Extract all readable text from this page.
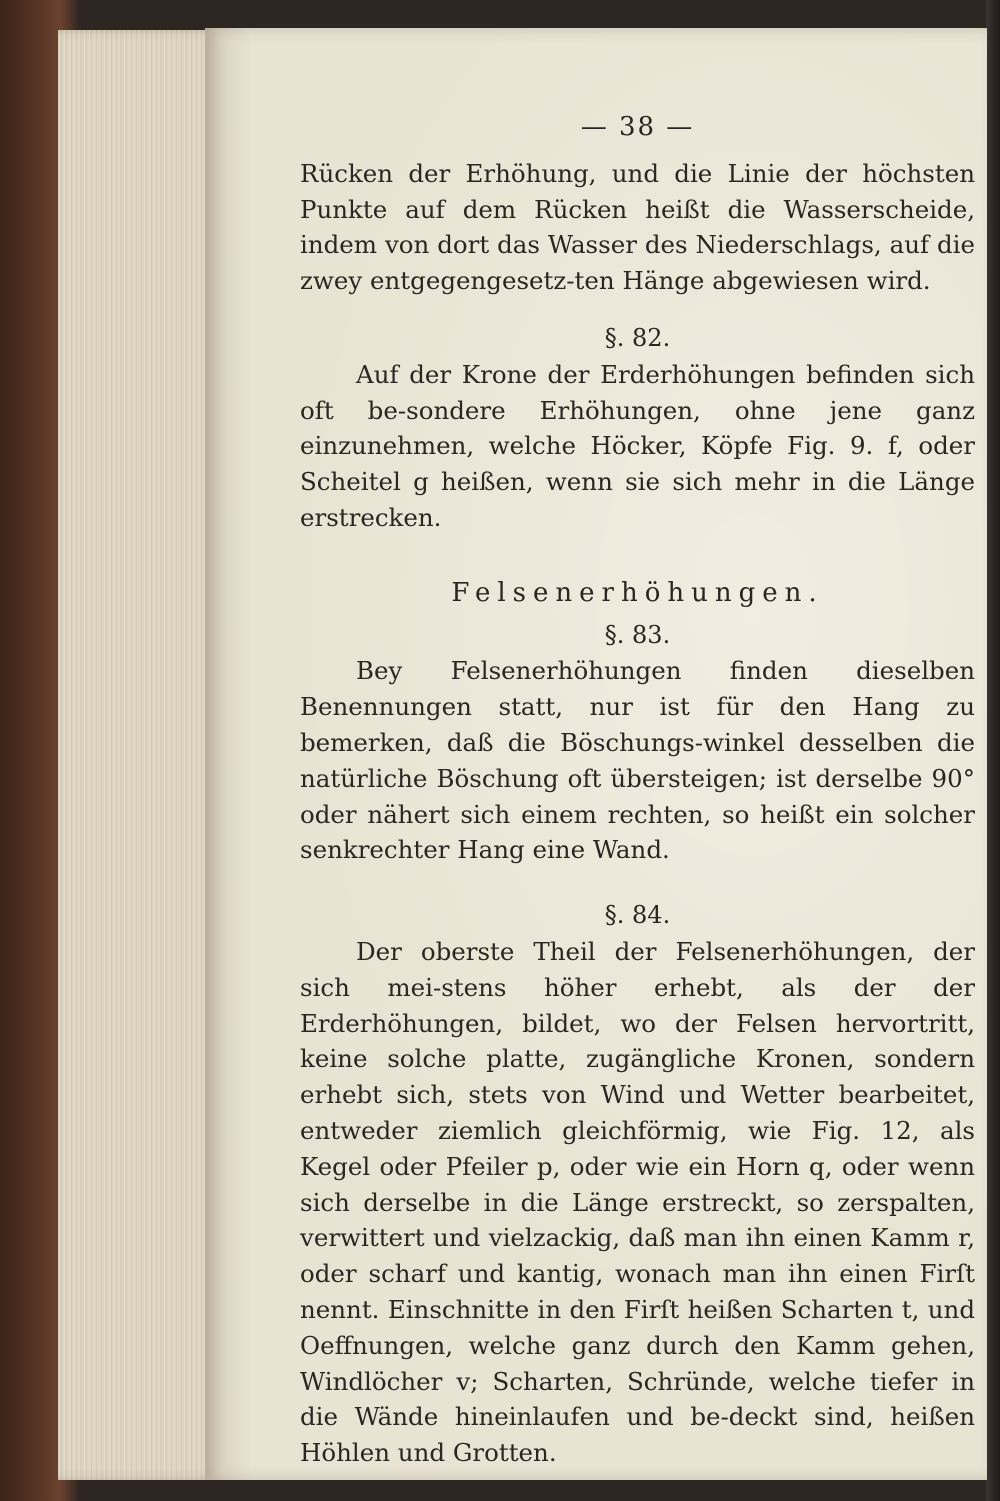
— 38 —

Rücken der Erhöhung, und die Linie der höchsten Punkte auf dem Rücken heißt die Wasserscheide, indem von dort das Wasser des Niederschlags, auf die zwey entgegengesetz-ten Hänge abgewiesen wird.

§. 82.

Auf der Krone der Erderhöhungen befinden sich oft be-sondere Erhöhungen, ohne jene ganz einzunehmen, welche Höcker, Köpfe Fig. 9. f, oder Scheitel g heißen, wenn sie sich mehr in die Länge erstrecken.

Felsenerhöhungen.
§. 83.

Bey Felsenerhöhungen finden dieselben Benennungen statt, nur ist für den Hang zu bemerken, daß die Böschungs-winkel desselben die natürliche Böschung oft übersteigen; ist derselbe 90° oder nähert sich einem rechten, so heißt ein solcher senkrechter Hang eine Wand.

§. 84.

Der oberste Theil der Felsenerhöhungen, der sich mei-stens höher erhebt, als der der Erderhöhungen, bildet, wo der Felsen hervortritt, keine solche platte, zugängliche Kronen, sondern erhebt sich, stets von Wind und Wetter bearbeitet, entweder ziemlich gleichförmig, wie Fig. 12, als Kegel oder Pfeiler p, oder wie ein Horn q, oder wenn sich derselbe in die Länge erstreckt, so zerspalten, verwittert und vielzackig, daß man ihn einen Kamm r, oder scharf und kantig, wonach man ihn einen Firſt nennt. Einschnitte in den Firſt heißen Scharten t, und Oeffnungen, welche ganz durch den Kamm gehen, Windlöcher v; Scharten, Schründe, welche tiefer in die Wände hineinlaufen und be-deckt sind, heißen Höhlen und Grotten.
